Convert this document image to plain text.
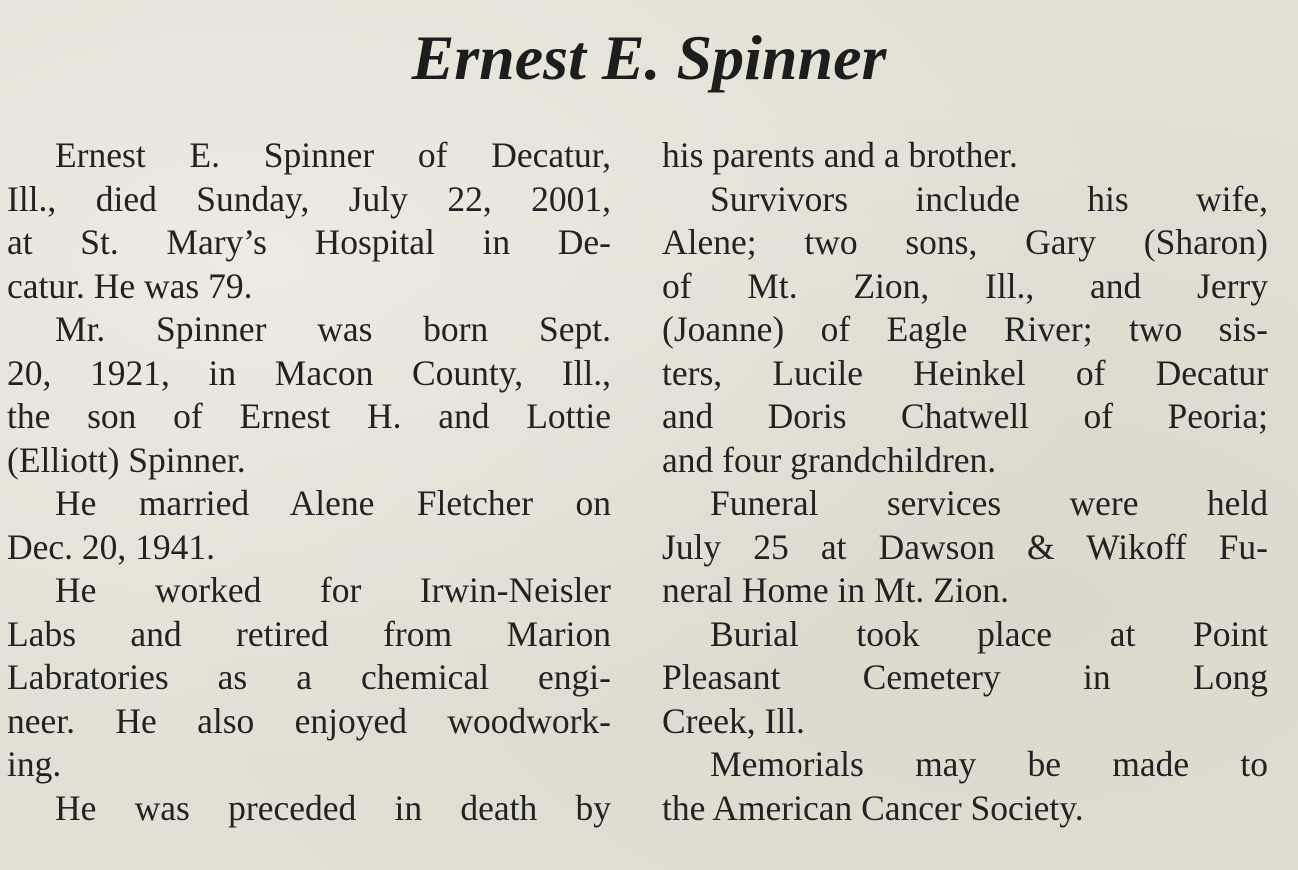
Ernest E. Spinner
Ernest E. Spinner of Decatur,
Ill., died Sunday, July 22, 2001,
at St. Mary’s Hospital in De-
catur. He was 79.
Mr. Spinner was born Sept.
20, 1921, in Macon County, Ill.,
the son of Ernest H. and Lottie
(Elliott) Spinner.
He married Alene Fletcher on
Dec. 20, 1941.
He worked for Irwin-Neisler
Labs and retired from Marion
Labratories as a chemical engi-
neer. He also enjoyed woodwork-
ing.
He was preceded in death by
his parents and a brother.
Survivors include his wife,
Alene; two sons, Gary (Sharon)
of Mt. Zion, Ill., and Jerry
(Joanne) of Eagle River; two sis-
ters, Lucile Heinkel of Decatur
and Doris Chatwell of Peoria;
and four grandchildren.
Funeral services were held
July 25 at Dawson & Wikoff Fu-
neral Home in Mt. Zion.
Burial took place at Point
Pleasant Cemetery in Long
Creek, Ill.
Memorials may be made to
the American Cancer Society.
